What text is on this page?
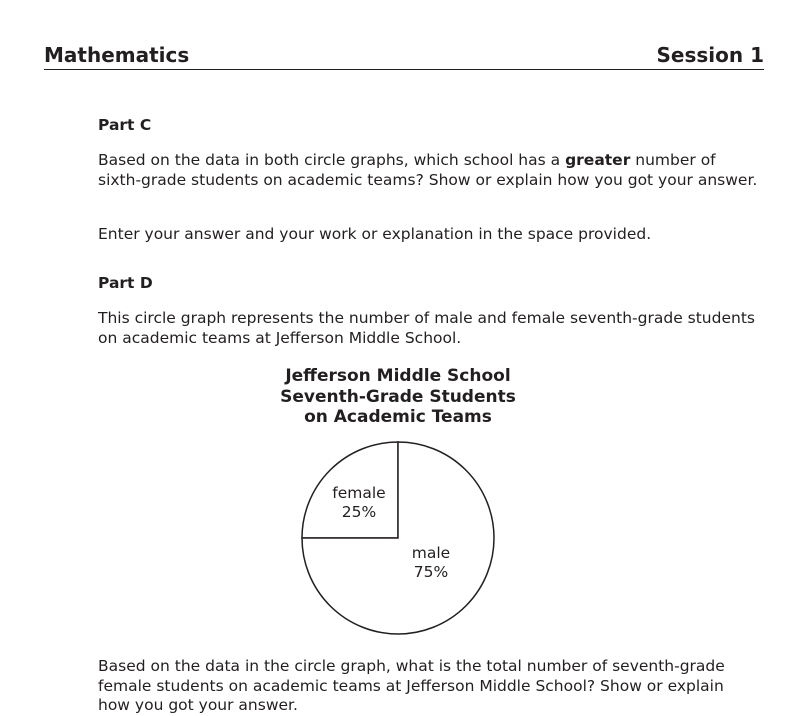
Mathematics	Session 1
Part C

Based on the data in both circle graphs, which school has a greater number of sixth-grade students on academic teams? Show or explain how you got your answer.

Enter your answer and your work or explanation in the space provided.

Part D

This circle graph represents the number of male and female seventh-grade students on academic teams at Jefferson Middle School.

Based on the data in the circle graph, what is the total number of seventh-grade female students on academic teams at Jefferson Middle School? Show or explain how you got your answer.

Jefferson Middle School
Seventh-Grade Students
on Academic Teams
female
25%
male
75%
